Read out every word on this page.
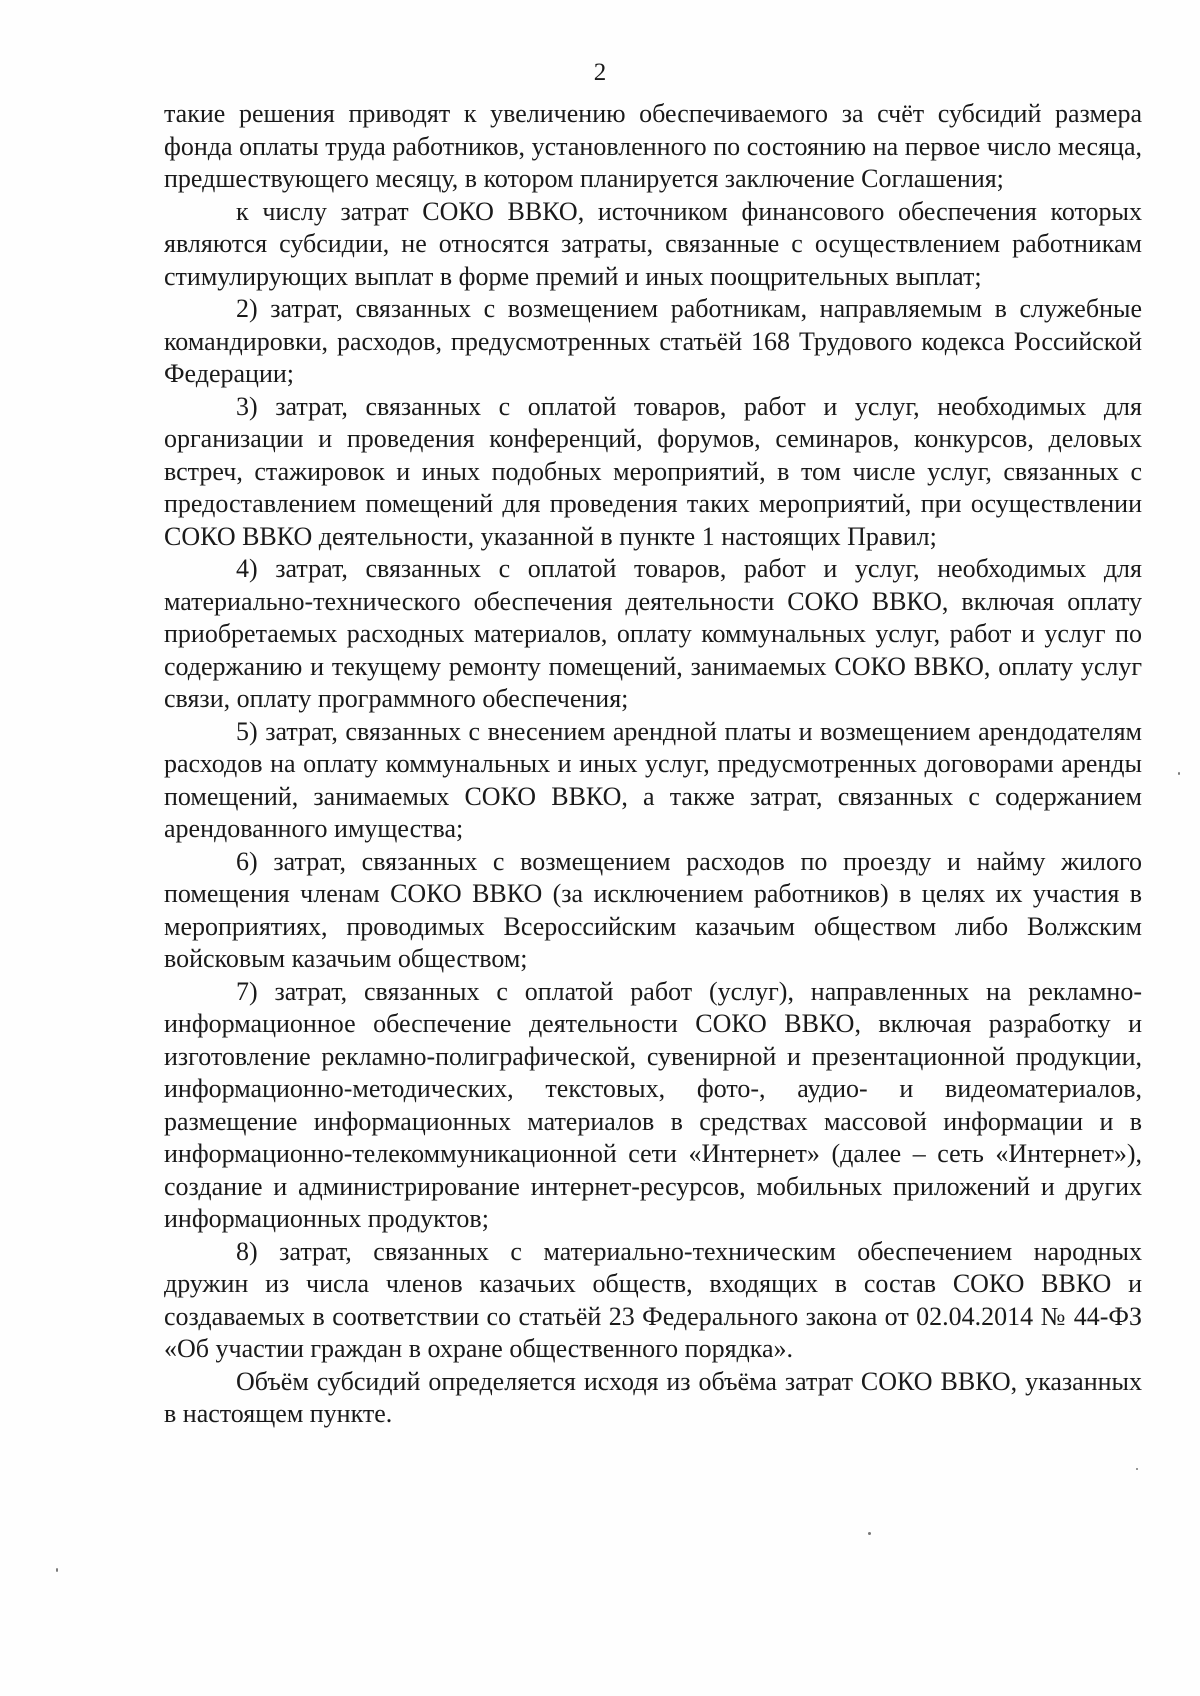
2

такие решения приводят к увеличению обеспечиваемого за счёт субсидий размера фонда оплаты труда работников, установленного по состоянию на первое число месяца, предшествующего месяцу, в котором планируется заключение Соглашения;

к числу затрат СОКО ВВКО, источником финансового обеспечения которых являются субсидии, не относятся затраты, связанные с осуществлением работникам стимулирующих выплат в форме премий и иных поощрительных выплат;

2) затрат, связанных с возмещением работникам, направляемым в служебные командировки, расходов, предусмотренных статьёй 168 Трудового кодекса Российской Федерации;

3) затрат, связанных с оплатой товаров, работ и услуг, необходимых для организации и проведения конференций, форумов, семинаров, конкурсов, деловых встреч, стажировок и иных подобных мероприятий, в том числе услуг, связанных с предоставлением помещений для проведения таких мероприятий, при осуществлении СОКО ВВКО деятельности, указанной в пункте 1 настоящих Правил;

4) затрат, связанных с оплатой товаров, работ и услуг, необходимых для материально-технического обеспечения деятельности СОКО ВВКО, включая оплату приобретаемых расходных материалов, оплату коммунальных услуг, работ и услуг по содержанию и текущему ремонту помещений, занимаемых СОКО ВВКО, оплату услуг связи, оплату программного обеспечения;

5) затрат, связанных с внесением арендной платы и возмещением арендодателям расходов на оплату коммунальных и иных услуг, предусмотренных договорами аренды помещений, занимаемых СОКО ВВКО, а также затрат, связанных с содержанием арендованного имущества;

6) затрат, связанных с возмещением расходов по проезду и найму жилого помещения членам СОКО ВВКО (за исключением работников) в целях их участия в мероприятиях, проводимых Всероссийским казачьим обществом либо Волжским войсковым казачьим обществом;

7) затрат, связанных с оплатой работ (услуг), направленных на рекламно-информационное обеспечение деятельности СОКО ВВКО, включая разработку и изготовление рекламно-полиграфической, сувенирной и презентационной продукции, информационно-методических, текстовых, фото-, аудио- и видеоматериалов, размещение информационных материалов в средствах массовой информации и в информационно-телекоммуникационной сети «Интернет» (далее – сеть «Интернет»), создание и администрирование интернет-ресурсов, мобильных приложений и других информационных продуктов;

8) затрат, связанных с материально-техническим обеспечением народных дружин из числа членов казачьих обществ, входящих в состав СОКО ВВКО и создаваемых в соответствии со статьёй 23 Федерального закона от 02.04.2014 № 44-ФЗ «Об участии граждан в охране общественного порядка».

Объём субсидий определяется исходя из объёма затрат СОКО ВВКО, указанных в настоящем пункте.
